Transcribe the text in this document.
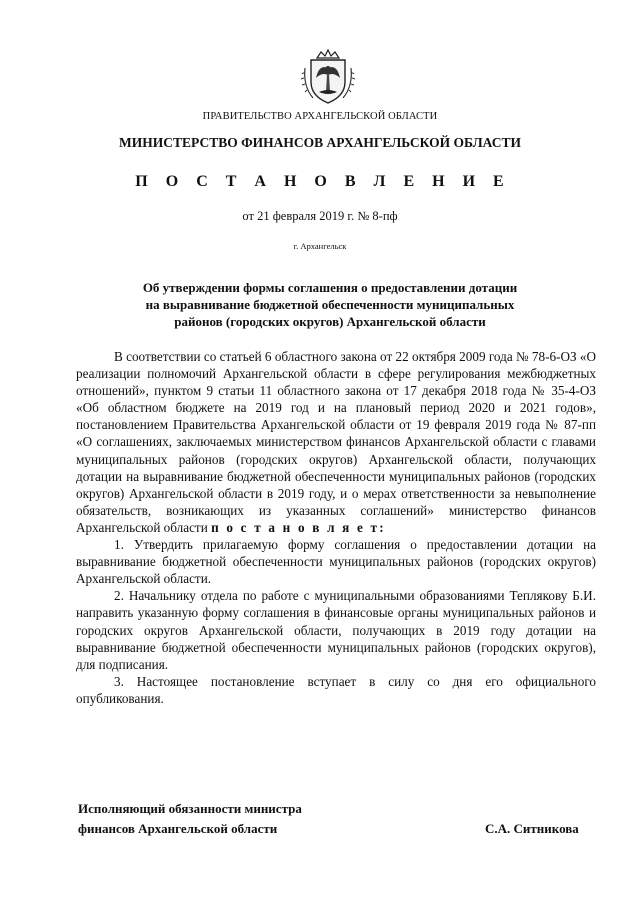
ПРАВИТЕЛЬСТВО АРХАНГЕЛЬСКОЙ ОБЛАСТИ
МИНИСТЕРСТВО ФИНАНСОВ АРХАНГЕЛЬСКОЙ ОБЛАСТИ
П О С Т А Н О В Л Е Н И Е
от 21 февраля 2019 г. № 8-пф
г. Архангельск
Об утверждении формы соглашения о предоставлении дотации
на выравнивание бюджетной обеспеченности муниципальных
районов (городских округов) Архангельской области

В соответствии со статьей 6 областного закона от 22 октября 2009 года № 78-6-ОЗ «О реализации полномочий Архангельской области в сфере регулирования межбюджетных отношений», пунктом 9 статьи 11 областного закона от 17 декабря 2018 года № 35-4-ОЗ «Об областном бюджете на 2019 год и на плановый период 2020 и 2021 годов», постановлением Правительства Архангельской области от 19 февраля 2019 года № 87-пп «О соглашениях, заключаемых министерством финансов Архангельской области с главами муниципальных районов (городских округов) Архангельской области, получающих дотации на выравнивание бюджетной обеспеченности муниципальных районов (городских округов) Архангельской области в 2019 году, и о мерах ответственности за невыполнение обязательств, возникающих из указанных соглашений» министерство финансов Архангельской области п о с т а н о в л я е т:

1. Утвердить прилагаемую форму соглашения о предоставлении дотации на выравнивание бюджетной обеспеченности муниципальных районов (городских округов) Архангельской области.

2. Начальнику отдела по работе с муниципальными образованиями Теплякову Б.И. направить указанную форму соглашения в финансовые органы муниципальных районов и городских округов Архангельской области, получающих в 2019 году дотации на выравнивание бюджетной обеспеченности муниципальных районов (городских округов), для подписания.

3. Настоящее постановление вступает в силу со дня его официального опубликования.

Исполняющий обязанности министра
финансов Архангельской области	С.А. Ситникова
